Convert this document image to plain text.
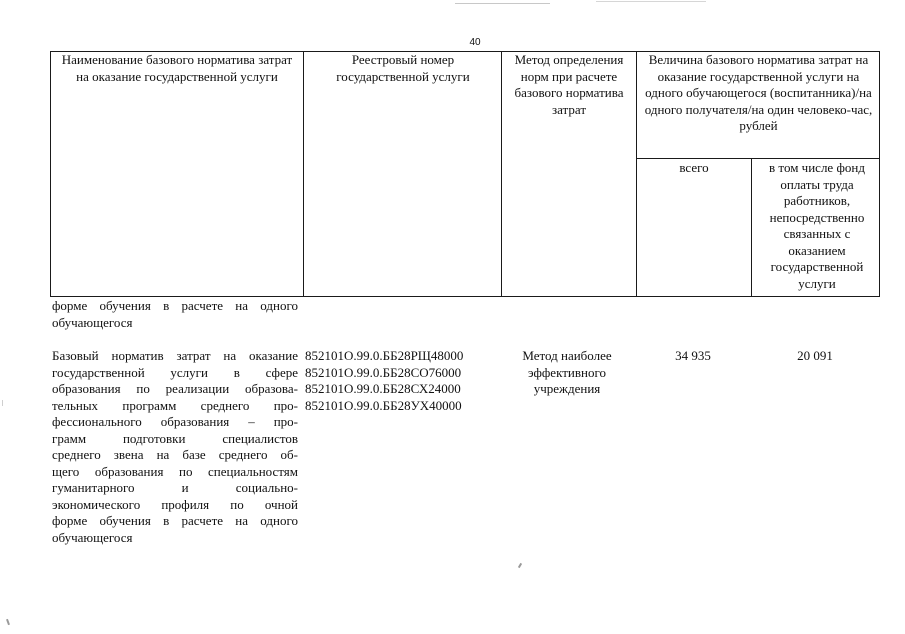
40
Наименование базового норматива затрат на оказание государственной услуги
Реестровый номер государственной услуги
Метод определения норм при расчете базового норматива затрат
Величина базового норматива затрат на оказание государственной услуги на одного обучающегося (воспитанника)/на одного получателя/на один человеко-час, рублей
всего	в том числе фонд оплаты труда работников, непосредственно связанных с оказанием государственной услуги
форме обучения в расчете на одного
обучающегося
Базовый норматив затрат на оказание
государственной услуги в сфере
образования по реализации образова-
тельных программ среднего про-
фессионального образования – про-
грамм подготовки специалистов
среднего звена на базе среднего об-
щего образования по специальностям
гуманитарного и социально-
экономического профиля по очной
форме обучения в расчете на одного
обучающегося
852101О.99.0.ББ28РЩ48000
852101О.99.0.ББ28СО76000
852101О.99.0.ББ28СХ24000
852101О.99.0.ББ28УХ40000
Метод наиболее
эффективного
учреждения
34 935	20 091
